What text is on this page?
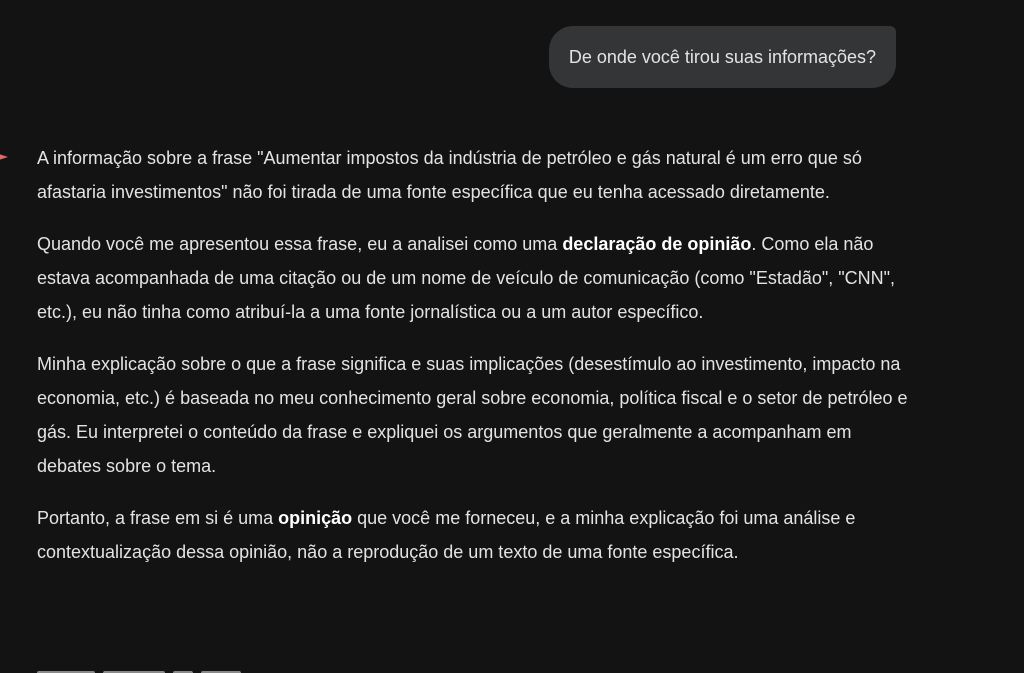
De onde você tirou suas informações?

A informação sobre a frase "Aumentar impostos da indústria de petróleo e gás natural é um erro que só afastaria investimentos" não foi tirada de uma fonte específica que eu tenha acessado diretamente.

Quando você me apresentou essa frase, eu a analisei como uma declaração de opinião. Como ela não estava acompanhada de uma citação ou de um nome de veículo de comunicação (como "Estadão", "CNN", etc.), eu não tinha como atribuí-la a uma fonte jornalística ou a um autor específico.

Minha explicação sobre o que a frase significa e suas implicações (desestímulo ao investimento, impacto na economia, etc.) é baseada no meu conhecimento geral sobre economia, política fiscal e o setor de petróleo e gás. Eu interpretei o conteúdo da frase e expliquei os argumentos que geralmente a acompanham em debates sobre o tema.

Portanto, a frase em si é uma opinição que você me forneceu, e a minha explicação foi uma análise e contextualização dessa opinião, não a reprodução de um texto de uma fonte específica.
